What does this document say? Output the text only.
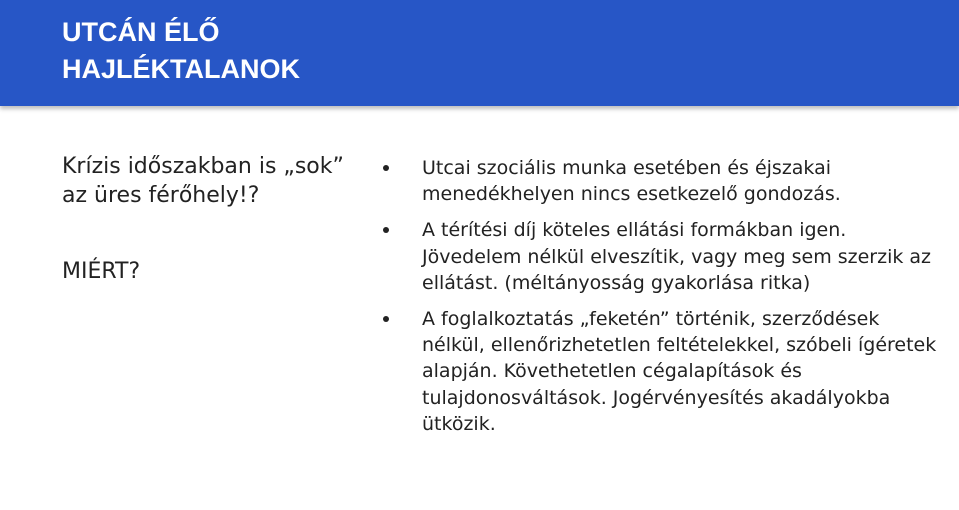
UTCÁN ÉLŐ
HAJLÉKTALANOK
Krízis időszakban is „sok” az üres férőhely!?
MIÉRT?
Utcai szociális munka esetében és éjszakai menedékhelyen nincs esetkezelő gondozás.
A térítési díj köteles ellátási formákban igen. Jövedelem nélkül elveszítik, vagy meg sem szerzik az ellátást. (méltányosság gyakorlása ritka)
A foglalkoztatás „feketén” történik, szerződések nélkül, ellenőrizhetetlen feltételekkel, szóbeli ígéretek alapján. Követhetetlen cégalapítások és tulajdonosváltások. Jogérvényesítés akadályokba ütközik.
